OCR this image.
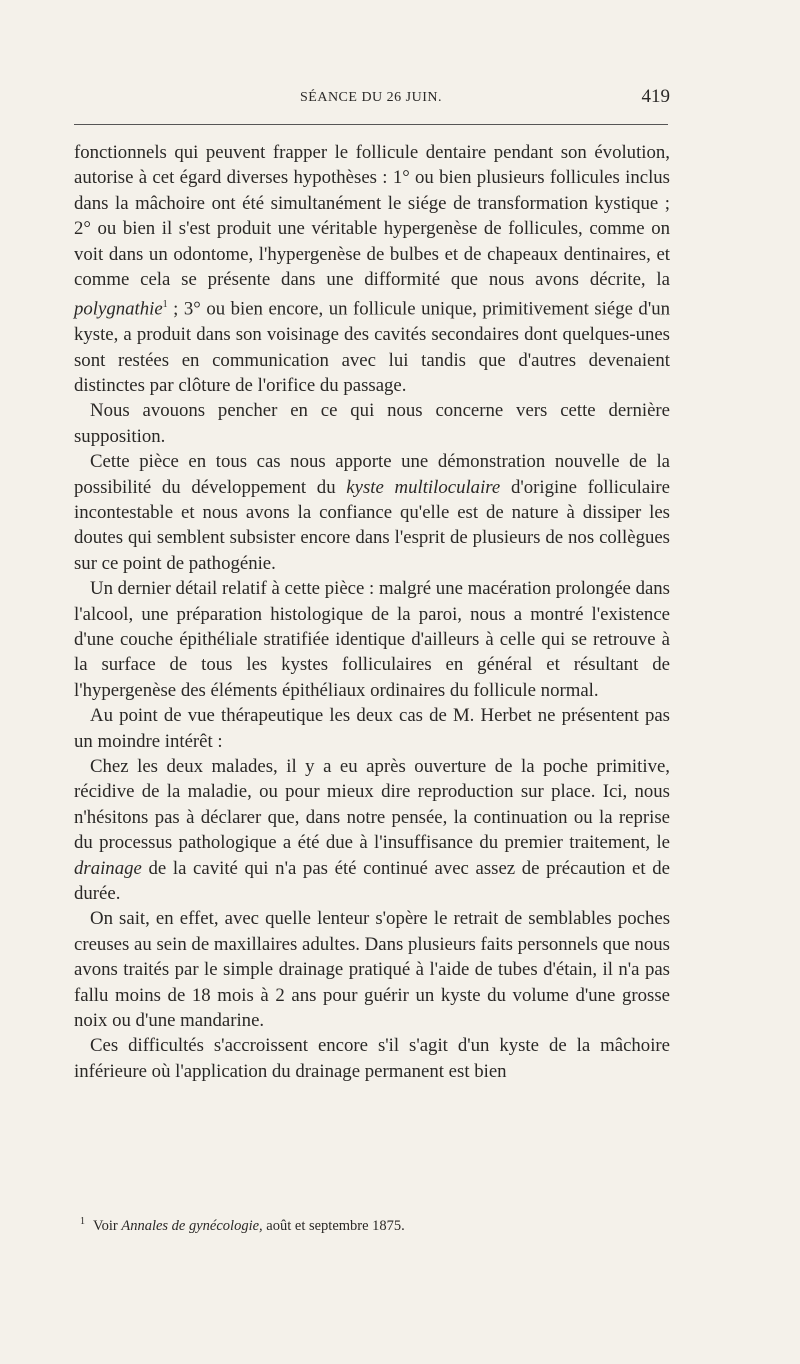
SÉANCE DU 26 JUIN.	419

fonctionnels qui peuvent frapper le follicule dentaire pendant son évolution, autorise à cet égard diverses hypothèses : 1° ou bien plusieurs follicules inclus dans la mâchoire ont été simultanément le siége de transformation kystique ; 2° ou bien il s'est produit une véritable hypergenèse de follicules, comme on voit dans un odontome, l'hypergenèse de bulbes et de chapeaux dentinaires, et comme cela se présente dans une difformité que nous avons décrite, la polygnathie$^1$ ; 3° ou bien encore, un follicule unique, primitivement siége d'un kyste, a produit dans son voisinage des cavités secondaires dont quelques-unes sont restées en communication avec lui tandis que d'autres devenaient distinctes par clôture de l'orifice du passage.

Nous avouons pencher en ce qui nous concerne vers cette dernière supposition.

Cette pièce en tous cas nous apporte une démonstration nouvelle de la possibilité du développement du kyste multiloculaire d'origine folliculaire incontestable et nous avons la confiance qu'elle est de nature à dissiper les doutes qui semblent subsister encore dans l'esprit de plusieurs de nos collègues sur ce point de pathogénie.

Un dernier détail relatif à cette pièce : malgré une macération prolongée dans l'alcool, une préparation histologique de la paroi, nous a montré l'existence d'une couche épithéliale stratifiée identique d'ailleurs à celle qui se retrouve à la surface de tous les kystes folliculaires en général et résultant de l'hypergenèse des éléments épithéliaux ordinaires du follicule normal.

Au point de vue thérapeutique les deux cas de M. Herbet ne présentent pas un moindre intérêt :

Chez les deux malades, il y a eu après ouverture de la poche primitive, récidive de la maladie, ou pour mieux dire reproduction sur place. Ici, nous n'hésitons pas à déclarer que, dans notre pensée, la continuation ou la reprise du processus pathologique a été due à l'insuffisance du premier traitement, le drainage de la cavité qui n'a pas été continué avec assez de précaution et de durée.

On sait, en effet, avec quelle lenteur s'opère le retrait de semblables poches creuses au sein de maxillaires adultes. Dans plusieurs faits personnels que nous avons traités par le simple drainage pratiqué à l'aide de tubes d'étain, il n'a pas fallu moins de 18 mois à 2 ans pour guérir un kyste du volume d'une grosse noix ou d'une mandarine.

Ces difficultés s'accroissent encore s'il s'agit d'un kyste de la mâchoire inférieure où l'application du drainage permanent est bien

$^1$ Voir Annales de gynécologie, août et septembre 1875.
